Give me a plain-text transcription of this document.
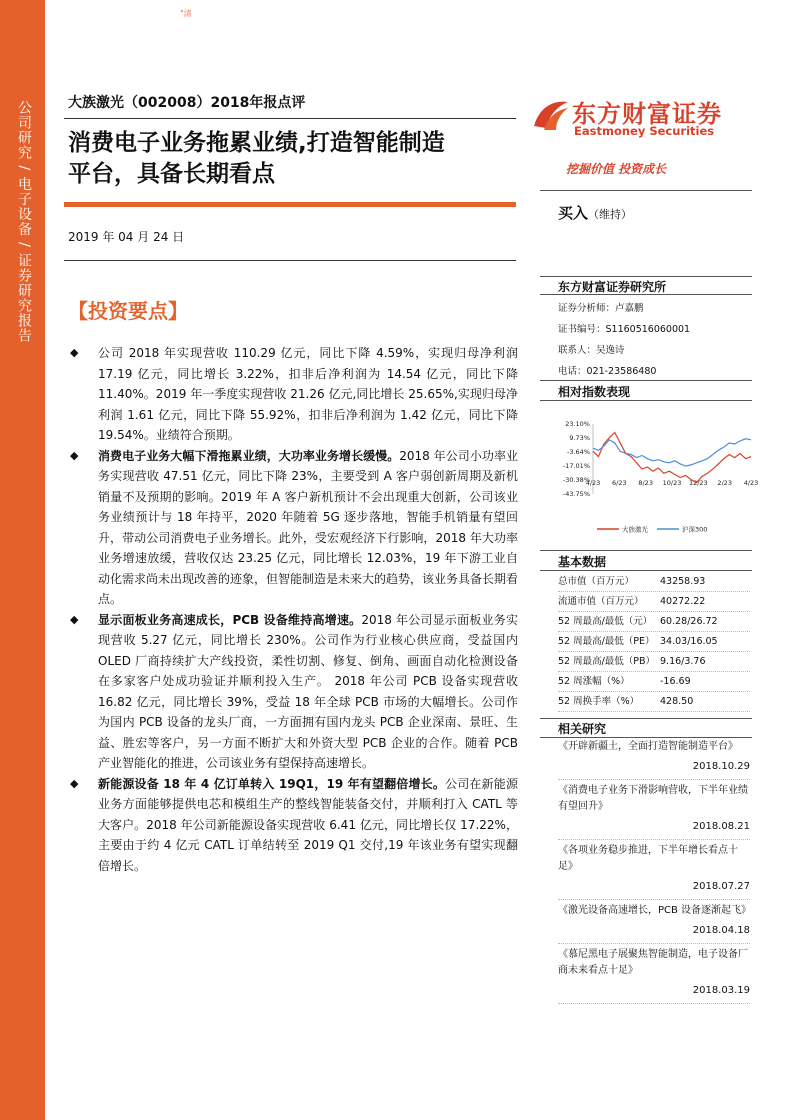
公司研究 / 电子设备 / 证券研究报告
"清
大族激光（002008）2018年报点评
消费电子业务拖累业绩,打造智能制造
平台，具备长期看点
2019 年 04 月 24 日
【投资要点】

◆ 公司 2018 年实现营收 110.29 亿元，同比下降 4.59%，实现归母净利润 17.19 亿元，同比增长 3.22%，扣非后净利润为 14.54 亿元，同比下降 11.40%。2019 年一季度实现营收 21.26 亿元,同比增长 25.65%,实现归母净利润 1.61 亿元，同比下降 55.92%，扣非后净利润为 1.42 亿元，同比下降 19.54%。业绩符合预期。

◆ 消费电子业务大幅下滑拖累业绩，大功率业务增长缓慢。2018 年公司小功率业务实现营收 47.51 亿元，同比下降 23%，主要受到 A 客户弱创新周期及新机销量不及预期的影响。2019 年 A 客户新机预计不会出现重大创新，公司该业务业绩预计与 18 年持平，2020 年随着 5G 逐步落地，智能手机销量有望回升，带动公司消费电子业务增长。此外，受宏观经济下行影响，2018 年大功率业务增速放缓，营收仅达 23.25 亿元，同比增长 12.03%，19 年下游工业自动化需求尚未出现改善的迹象，但智能制造是未来大的趋势，该业务具备长期看点。

◆ 显示面板业务高速成长，PCB 设备维持高增速。2018 年公司显示面板业务实现营收 5.27 亿元，同比增长 230%。公司作为行业核心供应商，受益国内 OLED 厂商持续扩大产线投资，柔性切割、修复、倒角、画面自动化检测设备在多家客户处成功验证并顺利投入生产。 2018 年公司 PCB 设备实现营收 16.82 亿元，同比增长 39%，受益 18 年全球 PCB 市场的大幅增长。公司作为国内 PCB 设备的龙头厂商，一方面拥有国内龙头 PCB 企业深南、景旺、生益、胜宏等客户，另一方面不断扩大和外资大型 PCB 企业的合作。随着 PCB 产业智能化的推进，公司该业务有望保持高速增长。

◆ 新能源设备 18 年 4 亿订单转入 19Q1，19 年有望翻倍增长。公司在新能源业务方面能够提供电芯和模组生产的整线智能装备交付，并顺利打入 CATL 等大客户。2018 年公司新能源设备实现营收 6.41 亿元，同比增长仅 17.22%，主要由于约 4 亿元 CATL 订单结转至 2019 Q1 交付,19 年该业务有望实现翻倍增长。

东方财富证券
Eastmoney Securities
挖掘价值 投资成长
买入（维持）
东方财富证券研究所
证券分析师：卢嘉鹏
证书编号：S1160516060001
联系人：吴逸诗
电话：021-23586480
相对指数表现
23.10%
9.73%
-3.64%
-17.01%
-30.38%
-43.75%
4/23 6/23 8/23 10/23 12/23 2/23 4/23
大族激光	沪深300
基本数据
总市值（百万元）	43258.93
流通市值（百万元） 40272.22
52 周最高/最低（元） 60.28/26.72
52 周最高/最低（PE） 34.03/16.05
52 周最高/最低（PB） 9.16/3.76
52 周涨幅（%）	-16.69
52 周换手率（%） 428.50
相关研究
《开辟新疆土，全面打造智能制造平台》
2018.10.29
《消费电子业务下滑影响营收，下半年业绩有望回升》
2018.08.21
《各项业务稳步推进，下半年增长看点十足》
2018.07.27
《激光设备高速增长，PCB 设备逐渐起飞》
2018.04.18
《慕尼黑电子展聚焦智能制造，电子设备厂商未来看点十足》
2018.03.19
